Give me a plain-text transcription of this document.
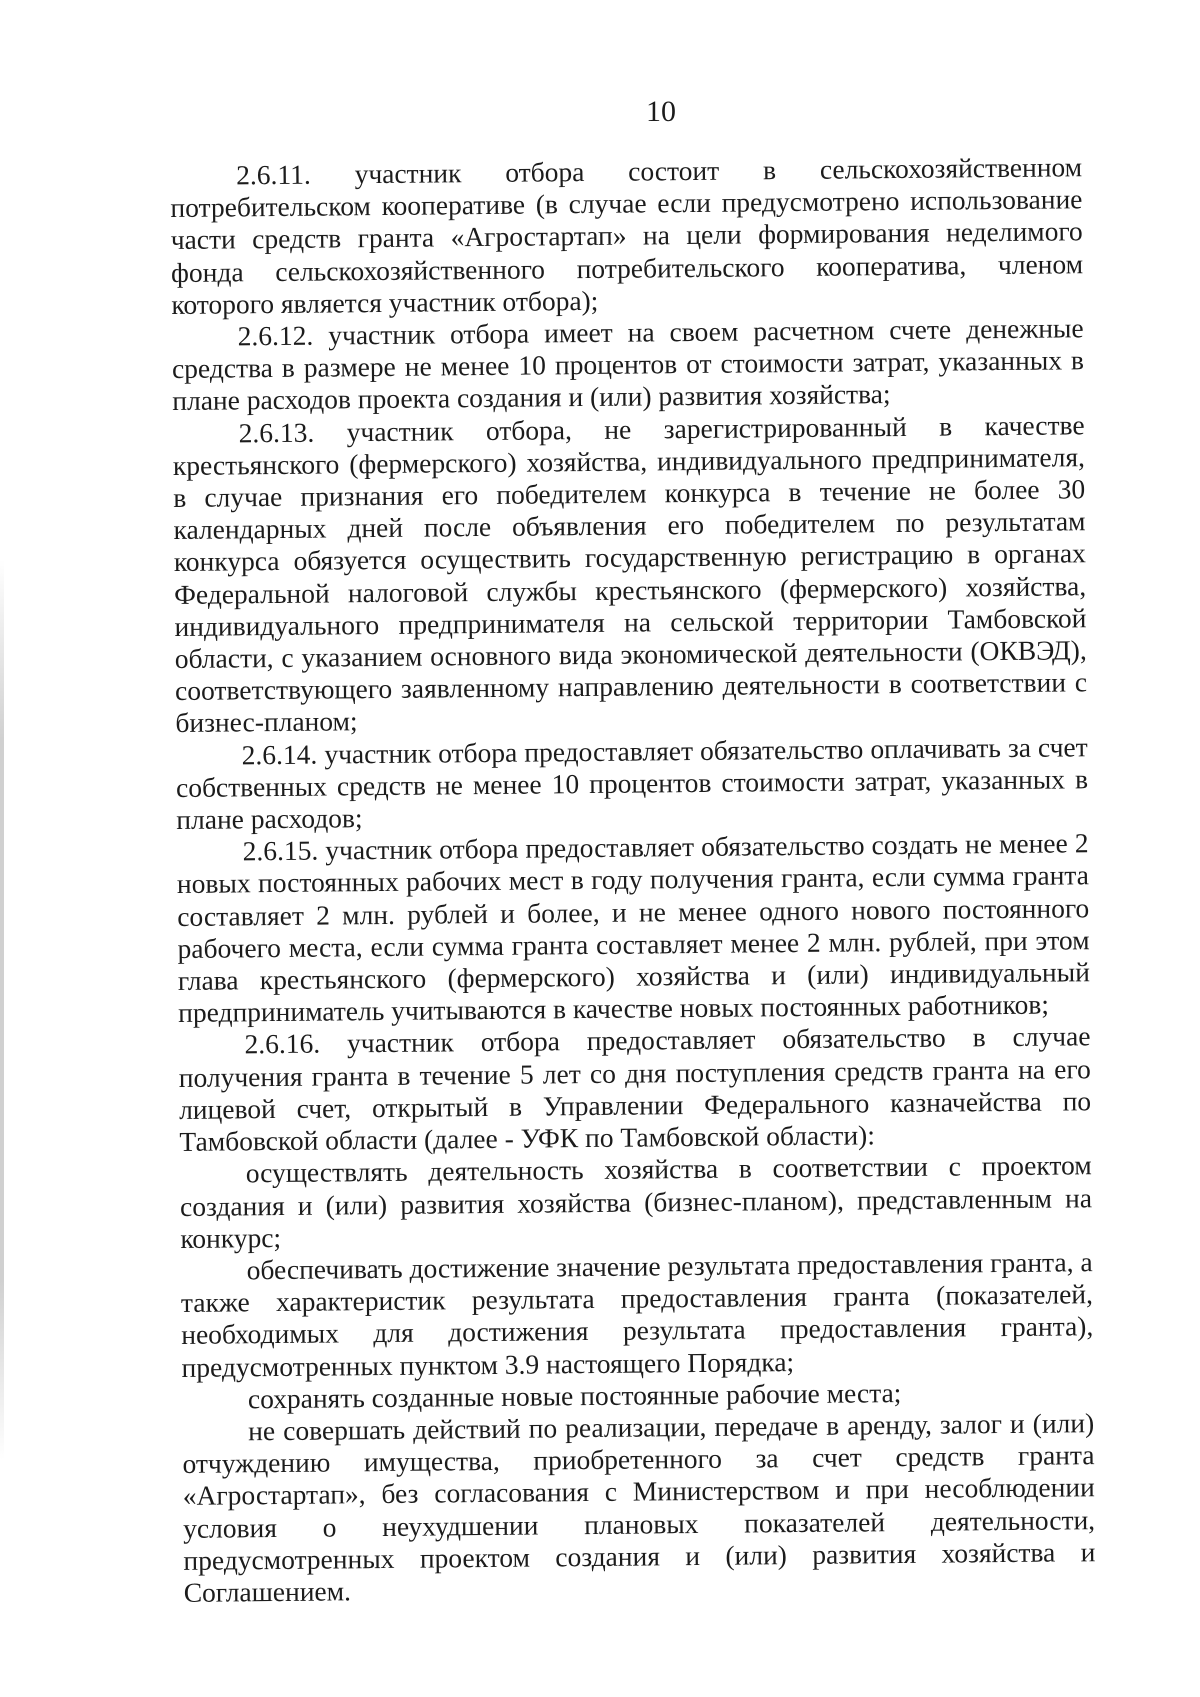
10

2.6.11. участник отбора состоит в сельскохозяйственном потребительском кооперативе (в случае если предусмотрено использование части средств гранта «Агростартап» на цели формирования неделимого фонда сельскохозяйственного потребительского кооператива, членом которого является участник отбора);

2.6.12. участник отбора имеет на своем расчетном счете денежные средства в размере не менее 10 процентов от стоимости затрат, указанных в плане расходов проекта создания и (или) развития хозяйства;

2.6.13. участник отбора, не зарегистрированный в качестве крестьянского (фермерского) хозяйства, индивидуального предпринимателя, в случае признания его победителем конкурса в течение не более 30 календарных дней после объявления его победителем по результатам конкурса обязуется осуществить государственную регистрацию в органах Федеральной налоговой службы крестьянского (фермерского) хозяйства, индивидуального предпринимателя на сельской территории Тамбовской области, с указанием основного вида экономической деятельности (ОКВЭД), соответствующего заявленному направлению деятельности в соответствии с бизнес-планом;

2.6.14. участник отбора предоставляет обязательство оплачивать за счет собственных средств не менее 10 процентов стоимости затрат, указанных в плане расходов;

2.6.15. участник отбора предоставляет обязательство создать не менее 2 новых постоянных рабочих мест в году получения гранта, если сумма гранта составляет 2 млн. рублей и более, и не менее одного нового постоянного рабочего места, если сумма гранта составляет менее 2 млн. рублей, при этом глава крестьянского (фермерского) хозяйства и (или) индивидуальный предприниматель учитываются в качестве новых постоянных работников;

2.6.16. участник отбора предоставляет обязательство в случае получения гранта в течение 5 лет со дня поступления средств гранта на его лицевой счет, открытый в Управлении Федерального казначейства по Тамбовской области (далее - УФК по Тамбовской области):

осуществлять деятельность хозяйства в соответствии с проектом создания и (или) развития хозяйства (бизнес-планом), представленным на конкурс;

обеспечивать достижение значение результата предоставления гранта, а также характеристик результата предоставления гранта (показателей, необходимых для достижения результата предоставления гранта), предусмотренных пунктом 3.9 настоящего Порядка;

сохранять созданные новые постоянные рабочие места;

не совершать действий по реализации, передаче в аренду, залог и (или) отчуждению имущества, приобретенного за счет средств гранта «Агростартап», без согласования с Министерством и при несоблюдении условия о неухудшении плановых показателей деятельности, предусмотренных проектом создания и (или) развития хозяйства и Соглашением.
